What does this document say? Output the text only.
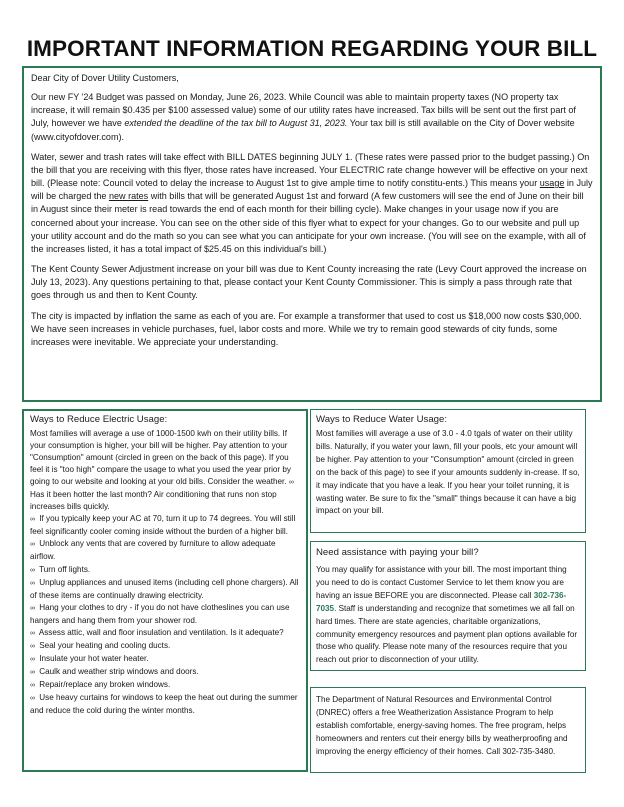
IMPORTANT INFORMATION REGARDING YOUR BILL

Dear City of Dover Utility Customers,

Our new FY '24 Budget was passed on Monday, June 26, 2023. While Council was able to maintain property taxes (NO property tax increase, it will remain $0.435 per $100 assessed value) some of our utility rates have increased. Tax bills will be sent out the first part of July, however we have extended the deadline of the tax bill to August 31, 2023. Your tax bill is still available on the City of Dover website (www.cityofdover.com).

Water, sewer and trash rates will take effect with BILL DATES beginning JULY 1. (These rates were passed prior to the budget passing.) On the bill that you are receiving with this flyer, those rates have increased. Your ELECTRIC rate change however will be effective on your next bill. (Please note: Council voted to delay the increase to August 1st to give ample time to notify constitu-ents.) This means your usage in July will be charged the new rates with bills that will be generated August 1st and forward (A few customers will see the end of June on their bill in August since their meter is read towards the end of each month for their billing cycle). Make changes in your usage now if you are concerned about your increase. You can see on the other side of this flyer what to expect for your changes. Go to our website and pull up your utility account and do the math so you can see what you can anticipate for your own increase. (You will see on the example, with all of the increases listed, it has a total impact of $25.45 on this individual's bill.)

The Kent County Sewer Adjustment increase on your bill was due to Kent County increasing the rate (Levy Court approved the increase on July 13, 2023). Any questions pertaining to that, please contact your Kent County Commissioner. This is simply a pass through rate that goes through us and then to Kent County.

The city is impacted by inflation the same as each of you are. For example a transformer that used to cost us $18,000 now costs $30,000. We have seen increases in vehicle purchases, fuel, labor costs and more. While we try to remain good stewards of city funds, some increases were inevitable. We appreciate your understanding.

Ways to Reduce Electric Usage:

Most families will average a use of 1000-1500 kwh on their utility bills. If your consumption is higher, your bill will be higher. Pay attention to your "Consumption" amount (circled in green on the back of this page). If you feel it is "too high" compare the usage to what you used the year prior by going to our website and looking at your old bills. Consider the weather. ∞ Has it been hotter the last month? Air conditioning that runs non stop increases bills quickly.

∞ If you typically keep your AC at 70, turn it up to 74 degrees. You will still feel significantly cooler coming inside without the burden of a higher bill.
∞ Unblock any vents that are covered by furniture to allow adequate airflow.
∞ Turn off lights.
∞ Unplug appliances and unused items (including cell phone chargers). All of these items are continually drawing electricity.
∞ Hang your clothes to dry - if you do not have clotheslines you can use hangers and hang them from your shower rod.
∞ Assess attic, wall and floor insulation and ventilation. Is it adequate?
∞ Seal your heating and cooling ducts.
∞ Insulate your hot water heater.
∞ Caulk and weather strip windows and doors.
∞ Repair/replace any broken windows.
∞ Use heavy curtains for windows to keep the heat out during the summer and reduce the cold during the winter months.
Ways to Reduce Water Usage:

Most families will average a use of 3.0 - 4.0 tgals of water on their utility bills. Naturally, if you water your lawn, fill your pools, etc your amount will be higher. Pay attention to your "Consumption" amount (circled in green on the back of this page) to see if your amounts suddenly in-crease. If so, it may indicate that you have a leak. If you hear your toilet running, it is wasting water. Be sure to fix the "small" things because it can have a big impact on your bill.

Need assistance with paying your bill?

You may qualify for assistance with your bill. The most important thing you need to do is contact Customer Service to let them know you are having an issue BEFORE you are disconnected. Please call 302-736-7035. Staff is understanding and recognize that sometimes we all fall on hard times. There are state agencies, charitable organizations, community emergency resources and payment plan options available for those who qualify. Please note many of the resources require that you reach out prior to disconnection of your utility.

The Department of Natural Resources and Environmental Control (DNREC) offers a free Weatherization Assistance Program to help establish comfortable, energy-saving homes. The free program, helps homeowners and renters cut their energy bills by weatherproofing and improving the energy efficiency of their homes. Call 302-735-3480.
